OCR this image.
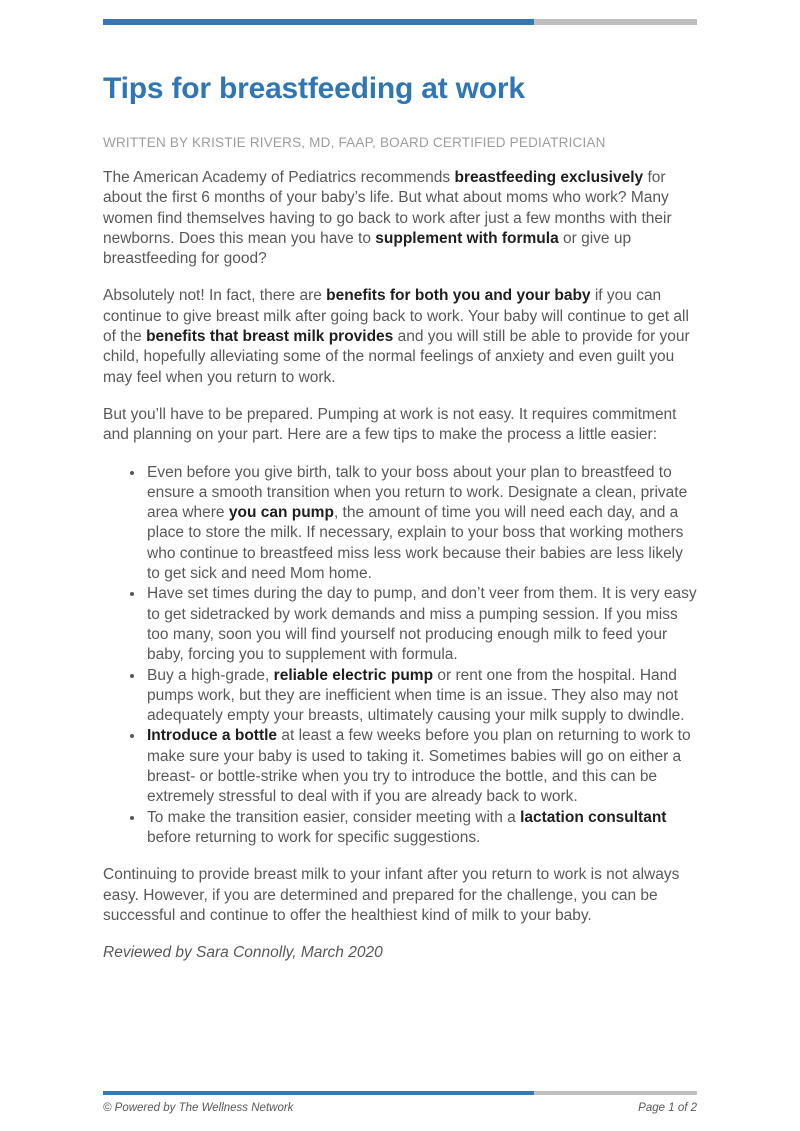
Tips for breastfeeding at work
WRITTEN BY KRISTIE RIVERS, MD, FAAP, BOARD CERTIFIED PEDIATRICIAN

The American Academy of Pediatrics recommends breastfeeding exclusively for about the first 6 months of your baby’s life. But what about moms who work? Many women find themselves having to go back to work after just a few months with their newborns. Does this mean you have to supplement with formula or give up breastfeeding for good?

Absolutely not! In fact, there are benefits for both you and your baby if you can continue to give breast milk after going back to work. Your baby will continue to get all of the benefits that breast milk provides and you will still be able to provide for your child, hopefully alleviating some of the normal feelings of anxiety and even guilt you may feel when you return to work.

But you’ll have to be prepared. Pumping at work is not easy. It requires commitment and planning on your part. Here are a few tips to make the process a little easier:

• Even before you give birth, talk to your boss about your plan to breastfeed to ensure a smooth transition when you return to work. Designate a clean, private area where you can pump, the amount of time you will need each day, and a place to store the milk. If necessary, explain to your boss that working mothers who continue to breastfeed miss less work because their babies are less likely to get sick and need Mom home.
• Have set times during the day to pump, and don’t veer from them. It is very easy to get sidetracked by work demands and miss a pumping session. If you miss too many, soon you will find yourself not producing enough milk to feed your baby, forcing you to supplement with formula.
• Buy a high-grade, reliable electric pump or rent one from the hospital. Hand pumps work, but they are inefficient when time is an issue. They also may not adequately empty your breasts, ultimately causing your milk supply to dwindle.
• Introduce a bottle at least a few weeks before you plan on returning to work to make sure your baby is used to taking it. Sometimes babies will go on either a breast- or bottle-strike when you try to introduce the bottle, and this can be extremely stressful to deal with if you are already back to work.
• To make the transition easier, consider meeting with a lactation consultant before returning to work for specific suggestions.

Continuing to provide breast milk to your infant after you return to work is not always easy. However, if you are determined and prepared for the challenge, you can be successful and continue to offer the healthiest kind of milk to your baby.

Reviewed by Sara Connolly, March 2020
© Powered by The Wellness Network	Page 1 of 2
